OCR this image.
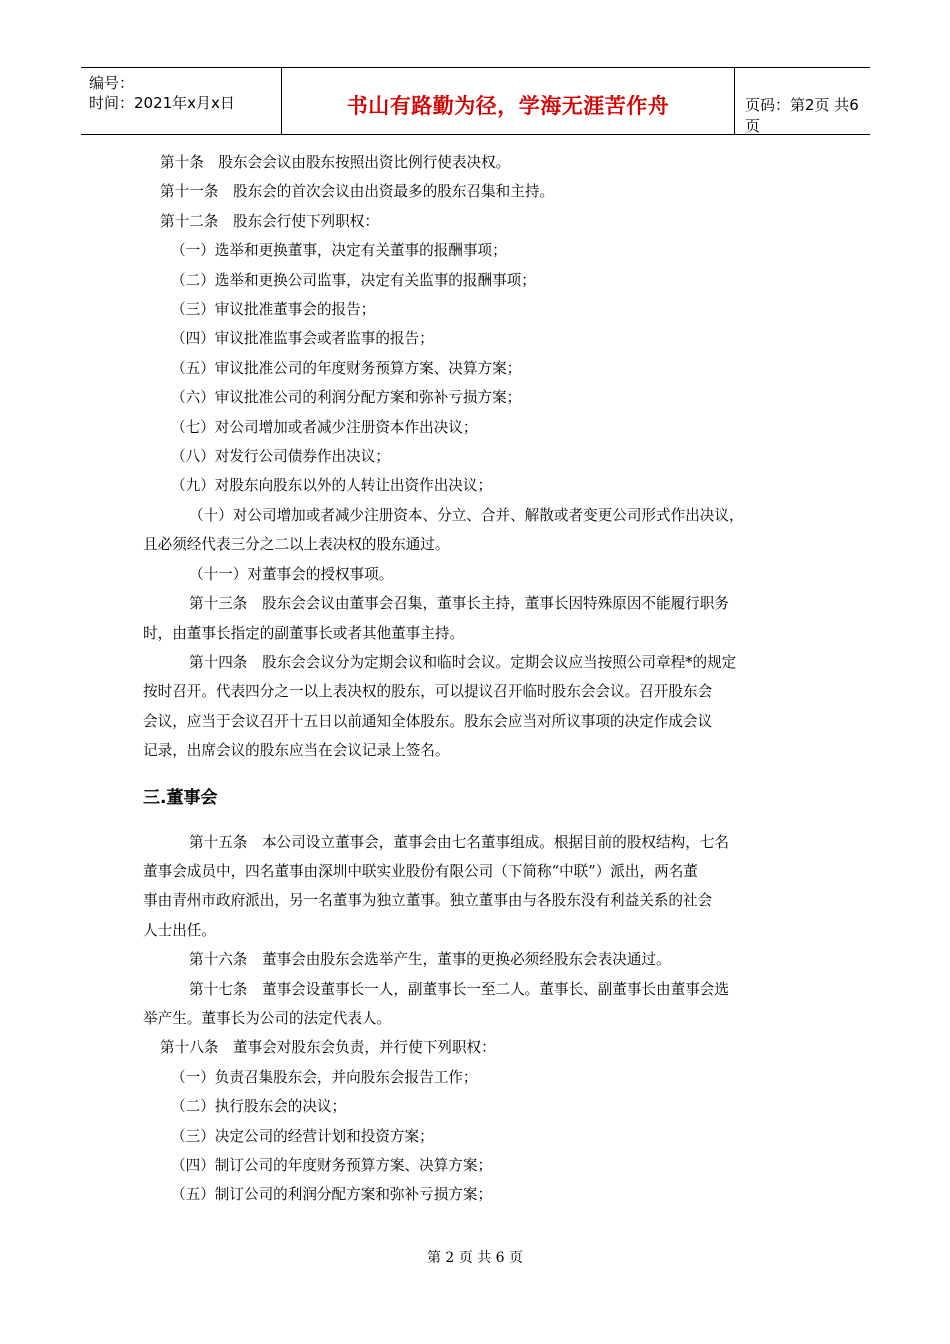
编号：
时间：2021年x月x日	书山有路勤为径，学海无涯苦作舟	页码：第2页 共6页

第十条　股东会会议由股东按照出资比例行使表决权。

第十一条　股东会的首次会议由出资最多的股东召集和主持。

第十二条　股东会行使下列职权：

（一）选举和更换董事，决定有关董事的报酬事项；

（二）选举和更换公司监事，决定有关监事的报酬事项；

（三）审议批准董事会的报告；

（四）审议批准监事会或者监事的报告；

（五）审议批准公司的年度财务预算方案、决算方案；

（六）审议批准公司的利润分配方案和弥补亏损方案；

（七）对公司增加或者减少注册资本作出决议；

（八）对发行公司债券作出决议；

（九）对股东向股东以外的人转让出资作出决议；

（十）对公司增加或者减少注册资本、分立、合并、解散或者变更公司形式作出决议，

且必须经代表三分之二以上表决权的股东通过。

（十一）对董事会的授权事项。

第十三条　股东会会议由董事会召集，董事长主持，董事长因特殊原因不能履行职务

时，由董事长指定的副董事长或者其他董事主持。

第十四条　股东会会议分为定期会议和临时会议。定期会议应当按照公司章程*的规定

按时召开。代表四分之一以上表决权的股东，可以提议召开临时股东会会议。召开股东会

会议，应当于会议召开十五日以前通知全体股东。股东会应当对所议事项的决定作成会议

记录，出席会议的股东应当在会议记录上签名。

三.董事会

第十五条　本公司设立董事会，董事会由七名董事组成。根据目前的股权结构，七名

董事会成员中，四名董事由深圳中联实业股份有限公司（下简称“中联”）派出，两名董

事由青州市政府派出，另一名董事为独立董事。独立董事由与各股东没有利益关系的社会

人士出任。

第十六条　董事会由股东会选举产生，董事的更换必须经股东会表决通过。

第十七条　董事会设董事长一人，副董事长一至二人。董事长、副董事长由董事会选

举产生。董事长为公司的法定代表人。

第十八条　董事会对股东会负责，并行使下列职权：

（一）负责召集股东会，并向股东会报告工作；

（二）执行股东会的决议；

（三）决定公司的经营计划和投资方案；

（四）制订公司的年度财务预算方案、决算方案；

（五）制订公司的利润分配方案和弥补亏损方案；

第 2 页 共 6 页
